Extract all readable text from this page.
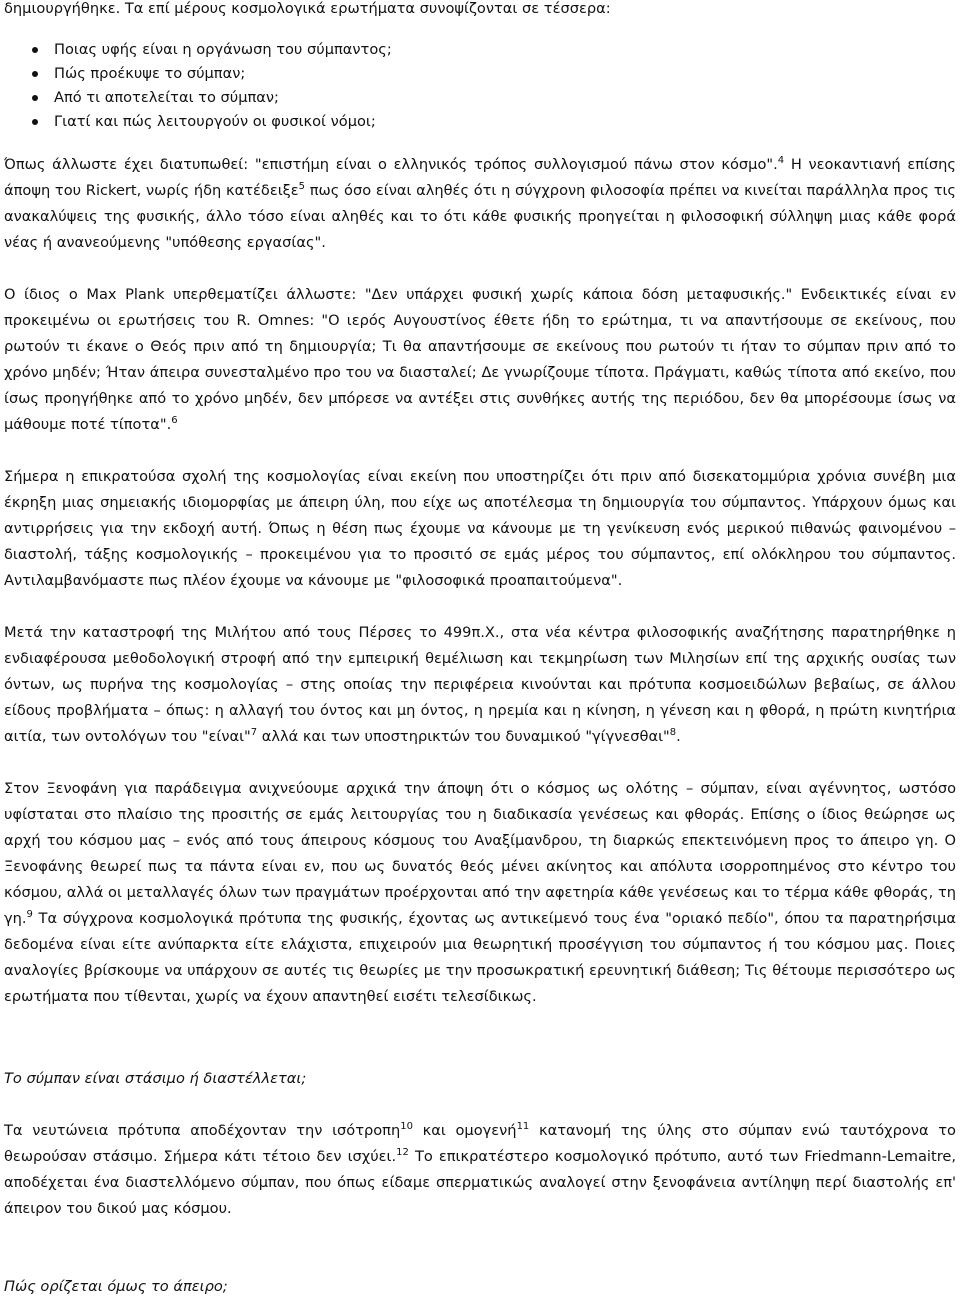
δημιουργήθηκε. Τα επί μέρους κοσμολογικά ερωτήματα συνοψίζονται σε τέσσερα:

Ποιας υφής είναι η οργάνωση του σύμπαντος;
Πώς προέκυψε το σύμπαν;
Από τι αποτελείται το σύμπαν;
Γιατί και πώς λειτουργούν οι φυσικοί νόμοι;

Όπως άλλωστε έχει διατυπωθεί: "επιστήμη είναι ο ελληνικός τρόπος συλλογισμού πάνω στον κόσμο".$^4$ Η νεοκαντιανή επίσης άποψη του Rickert, νωρίς ήδη κατέδειξε$^5$ πως όσο είναι αληθές ότι η σύγχρονη φιλοσοφία πρέπει να κινείται παράλληλα προς τις ανακαλύψεις της φυσικής, άλλο τόσο είναι αληθές και το ότι κάθε φυσικής προηγείται η φιλοσοφική σύλληψη μιας κάθε φορά νέας ή ανανεούμενης "υπόθεσης εργασίας".

Ο ίδιος ο Max Plank υπερθεματίζει άλλωστε: "Δεν υπάρχει φυσική χωρίς κάποια δόση μεταφυσικής." Ενδεικτικές είναι εν προκειμένω οι ερωτήσεις του R. Omnes: "Ο ιερός Αυγουστίνος έθετε ήδη το ερώτημα, τι να απαντήσουμε σε εκείνους, που ρωτούν τι έκανε ο Θεός πριν από τη δημιουργία; Τι θα απαντήσουμε σε εκείνους που ρωτούν τι ήταν το σύμπαν πριν από το χρόνο μηδέν; Ήταν άπειρα συνεσταλμένο προ του να διασταλεί; Δε γνωρίζουμε τίποτα. Πράγματι, καθώς τίποτα από εκείνο, που ίσως προηγήθηκε από το χρόνο μηδέν, δεν μπόρεσε να αντέξει στις συνθήκες αυτής της περιόδου, δεν θα μπορέσουμε ίσως να μάθουμε ποτέ τίποτα".$^6$

Σήμερα η επικρατούσα σχολή της κοσμολογίας είναι εκείνη που υποστηρίζει ότι πριν από δισεκατομμύρια χρόνια συνέβη μια έκρηξη μιας σημειακής ιδιομορφίας με άπειρη ύλη, που είχε ως αποτέλεσμα τη δημιουργία του σύμπαντος. Υπάρχουν όμως και αντιρρήσεις για την εκδοχή αυτή. Όπως η θέση πως έχουμε να κάνουμε με τη γενίκευση ενός μερικού πιθανώς φαινομένου – διαστολή, τάξης κοσμολογικής – προκειμένου για το προσιτό σε εμάς μέρος του σύμπαντος, επί ολόκληρου του σύμπαντος. Αντιλαμβανόμαστε πως πλέον έχουμε να κάνουμε με "φιλοσοφικά προαπαιτούμενα".

Μετά την καταστροφή της Μιλήτου από τους Πέρσες το 499π.Χ., στα νέα κέντρα φιλοσοφικής αναζήτησης παρατηρήθηκε η ενδιαφέρουσα μεθοδολογική στροφή από την εμπειρική θεμέλιωση και τεκμηρίωση των Μιλησίων επί της αρχικής ουσίας των όντων, ως πυρήνα της κοσμολογίας – στης οποίας την περιφέρεια κινούνται και πρότυπα κοσμοειδώλων βεβαίως, σε άλλου είδους προβλήματα – όπως: η αλλαγή του όντος και μη όντος, η ηρεμία και η κίνηση, η γένεση και η φθορά, η πρώτη κινητήρια αιτία, των οντολόγων του "είναι"$^7$ αλλά και των υποστηρικτών του δυναμικού "γίγνεσθαι"$^8$.

Στον Ξενοφάνη για παράδειγμα ανιχνεύουμε αρχικά την άποψη ότι ο κόσμος ως ολότης – σύμπαν, είναι αγέννητος, ωστόσο υφίσταται στο πλαίσιο της προσιτής σε εμάς λειτουργίας του η διαδικασία γενέσεως και φθοράς. Επίσης ο ίδιος θεώρησε ως αρχή του κόσμου μας – ενός από τους άπειρους κόσμους του Αναξίμανδρου, τη διαρκώς επεκτεινόμενη προς το άπειρο γη. Ο Ξενοφάνης θεωρεί πως τα πάντα είναι εν, που ως δυνατός θεός μένει ακίνητος και απόλυτα ισορροπημένος στο κέντρο του κόσμου, αλλά οι μεταλλαγές όλων των πραγμάτων προέρχονται από την αφετηρία κάθε γενέσεως και το τέρμα κάθε φθοράς, τη γη.$^9$ Τα σύγχρονα κοσμολογικά πρότυπα της φυσικής, έχοντας ως αντικείμενό τους ένα "οριακό πεδίο", όπου τα παρατηρήσιμα δεδομένα είναι είτε ανύπαρκτα είτε ελάχιστα, επιχειρούν μια θεωρητική προσέγγιση του σύμπαντος ή του κόσμου μας. Ποιες αναλογίες βρίσκουμε να υπάρχουν σε αυτές τις θεωρίες με την προσωκρατική ερευνητική διάθεση; Τις θέτουμε περισσότερο ως ερωτήματα που τίθενται, χωρίς να έχουν απαντηθεί εισέτι τελεσίδικως.

Το σύμπαν είναι στάσιμο ή διαστέλλεται;

Τα νευτώνεια πρότυπα αποδέχονταν την ισότροπη$^{10}$ και ομογενή$^{11}$ κατανομή της ύλης στο σύμπαν ενώ ταυτόχρονα το θεωρούσαν στάσιμο. Σήμερα κάτι τέτοιο δεν ισχύει.$^{12}$ Το επικρατέστερο κοσμολογικό πρότυπο, αυτό των Friedmann-Lemaitre, αποδέχεται ένα διαστελλόμενο σύμπαν, που όπως είδαμε σπερματικώς αναλογεί στην ξενοφάνεια αντίληψη περί διαστολής επ' άπειρον του δικού μας κόσμου.

Πώς ορίζεται όμως το άπειρο;
